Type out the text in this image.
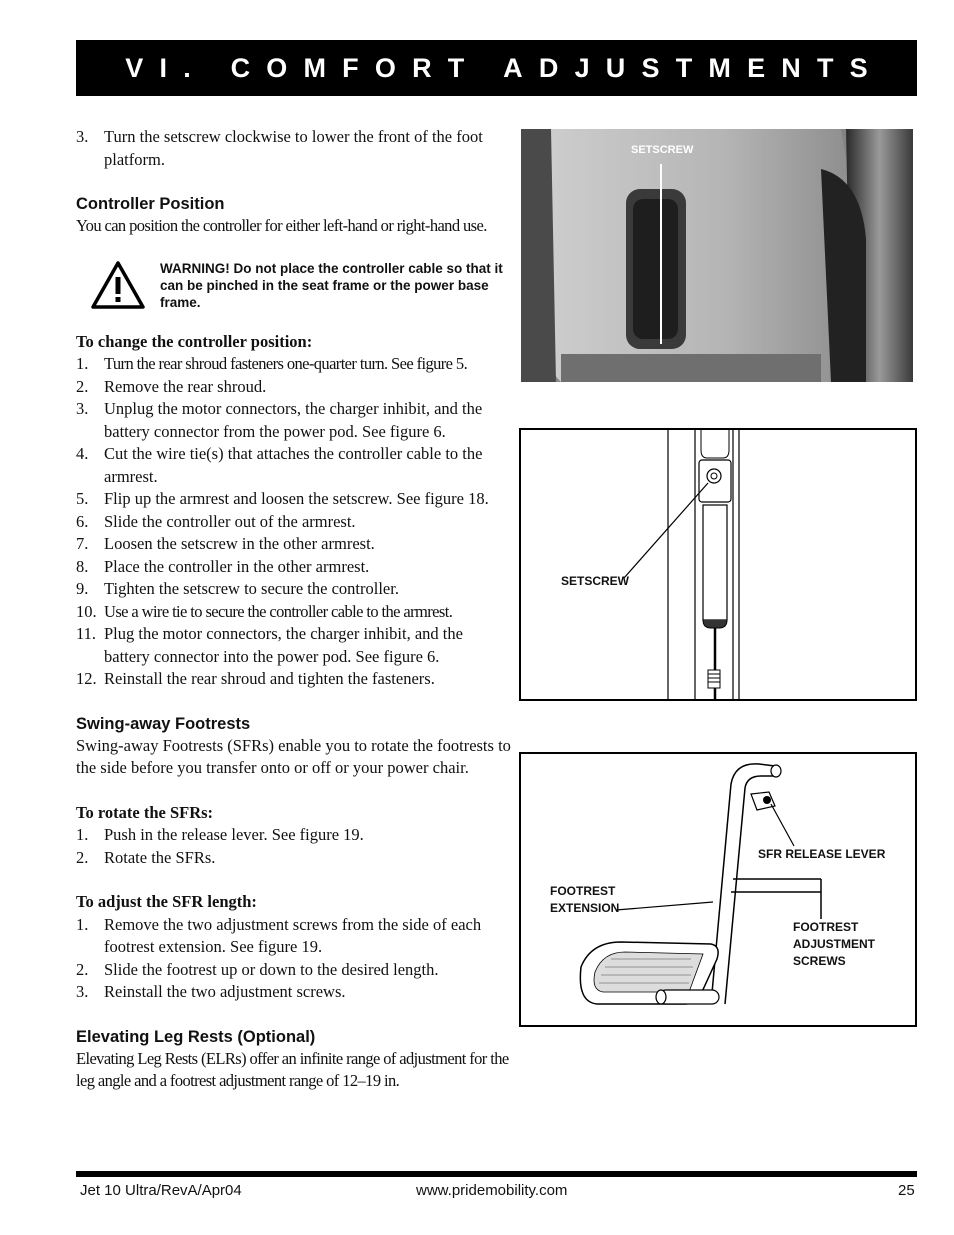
VI. COMFORT ADJUSTMENTS
3. Turn the setscrew clockwise to lower the front of the foot platform.
Controller Position

You can position the controller for either left-hand or right-hand use.

WARNING! Do not place the controller cable so that it can be pinched in the seat frame or the power base frame.

To change the controller position:

1. Turn the rear shroud fasteners one-quarter turn. See figure 5.
2. Remove the rear shroud.
3. Unplug the motor connectors, the charger inhibit, and the battery connector from the power pod. See figure 6.
4. Cut the wire tie(s) that attaches the controller cable to the armrest.
5. Flip up the armrest and loosen the setscrew. See figure 18.
6. Slide the controller out of the armrest.
7. Loosen the setscrew in the other armrest.
8. Place the controller in the other armrest.
9. Tighten the setscrew to secure the controller.
10. Use a wire tie to secure the controller cable to the armrest.
11. Plug the motor connectors, the charger inhibit, and the battery connector into the power pod. See figure 6.
12. Reinstall the rear shroud and tighten the fasteners.
Swing-away Footrests

Swing-away Footrests (SFRs) enable you to rotate the footrests to the side before you transfer onto or off or your power chair.

To rotate the SFRs:

1. Push in the release lever. See figure 19.
2. Rotate the SFRs.

To adjust the SFR length:

1. Remove the two adjustment screws from the side of each footrest extension. See figure 19.
2. Slide the footrest up or down to the desired length.
3. Reinstall the two adjustment screws.
Elevating Leg Rests (Optional)

Elevating Leg Rests (ELRs) offer an infinite range of adjustment for the leg angle and a footrest adjustment range of 12–19 in.

SETSCREW
SETSCREW
SFR RELEASE LEVER
FOOTREST
EXTENSION
FOOTREST
ADJUSTMENT
SCREWS
Jet 10 Ultra/RevA/Apr04	www.pridemobility.com	25
